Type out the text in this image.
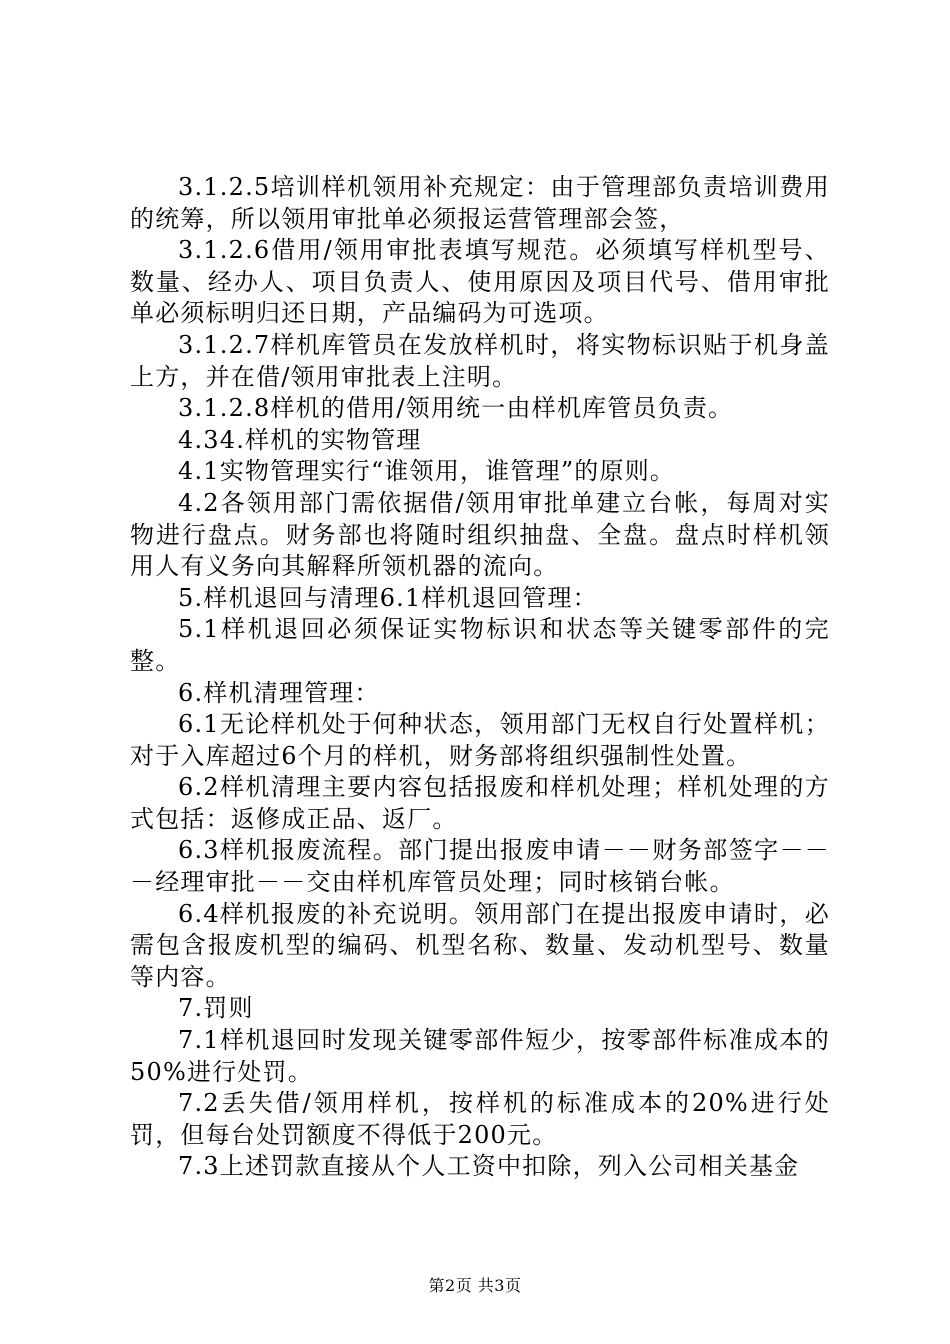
3.1.2.5培训样机领用补充规定：由于管理部负责培训费用的统筹，所以领用审批单必须报运营管理部会签，

3.1.2.6借用/领用审批表填写规范。必须填写样机型号、数量、经办人、项目负责人、使用原因及项目代号、借用审批单必须标明归还日期，产品编码为可选项。

3.1.2.7样机库管员在发放样机时，将实物标识贴于机身盖上方，并在借/领用审批表上注明。

3.1.2.8样机的借用/领用统一由样机库管员负责。

4.34.样机的实物管理

4.1实物管理实行“谁领用，谁管理”的原则。

4.2各领用部门需依据借/领用审批单建立台帐，每周对实物进行盘点。财务部也将随时组织抽盘、全盘。盘点时样机领用人有义务向其解释所领机器的流向。

5.样机退回与清理6.1样机退回管理：

5.1样机退回必须保证实物标识和状态等关键零部件的完整。

6.样机清理管理：

6.1无论样机处于何种状态，领用部门无权自行处置样机；对于入库超过6个月的样机，财务部将组织强制性处置。

6.2样机清理主要内容包括报废和样机处理；样机处理的方式包括：返修成正品、返厂。

6.3样机报废流程。部门提出报废申请－－财务部签字－－－经理审批－－交由样机库管员处理；同时核销台帐。

6.4样机报废的补充说明。领用部门在提出报废申请时，必需包含报废机型的编码、机型名称、数量、发动机型号、数量等内容。

7.罚则

7.1样机退回时发现关键零部件短少，按零部件标准成本的50%进行处罚。

7.2丢失借/领用样机，按样机的标准成本的20%进行处罚，但每台处罚额度不得低于200元。

7.3上述罚款直接从个人工资中扣除，列入公司相关基金

第2页 共3页
